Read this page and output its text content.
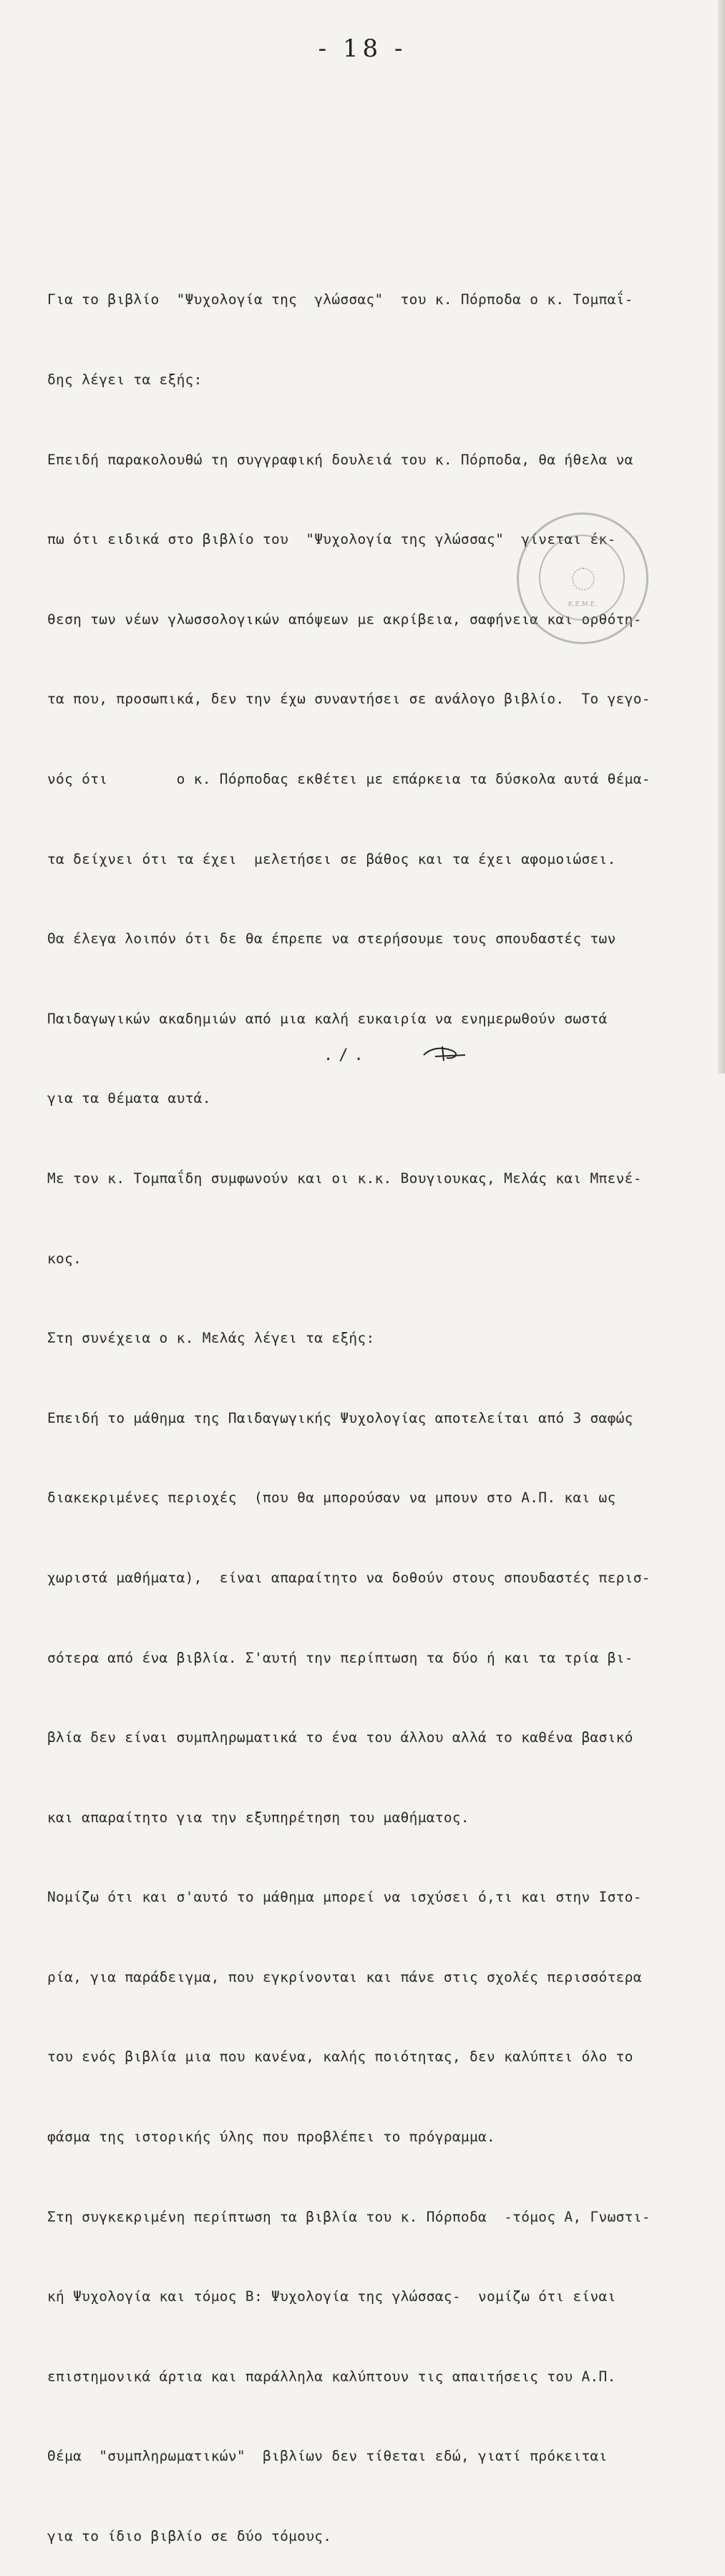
- 18 -

Για το βιβλίο  "Ψυχολογία της  γλώσσας"  του κ. Πόρποδα ο κ. Τομπαΐ-

δης λέγει τα εξής:

Επειδή παρακολουθώ τη συγγραφική δουλειά του κ. Πόρποδα, θα ήθελα να

πω ότι ειδικά στο βιβλίο του  "Ψυχολογία της γλώσσας"  γίνεται έκ-

θεση των νέων γλωσσολογικών απόψεων με ακρίβεια, σαφήνεια και ορθότη-

τα που, προσωπικά, δεν την έχω συναντήσει σε ανάλογο βιβλίο.  Το γεγο-

νός ότι        ο κ. Πόρποδας εκθέτει με επάρκεια τα δύσκολα αυτά θέμα-

τα δείχνει ότι τα έχει  μελετήσει σε βάθος και τα έχει αφομοιώσει.

Θα έλεγα λοιπόν ότι δε θα έπρεπε να στερήσουμε τους σπουδαστές των

Παιδαγωγικών ακαδημιών από μια καλή ευκαιρία να ενημερωθούν σωστά

για τα θέματα αυτά.

Με τον κ. Τομπαΐδη συμφωνούν και οι κ.κ. Βουγιουκας, Μελάς και Μπενέ-

κος.

Στη συνέχεια ο κ. Μελάς λέγει τα εξής:

Επειδή το μάθημα της Παιδαγωγικής Ψυχολογίας αποτελείται από 3 σαφώς

διακεκριμένες περιοχές  (που θα μπορούσαν να μπουν στο Α.Π. και ως

χωριστά μαθήματα),  είναι απαραίτητο να δοθούν στους σπουδαστές περισ-

σότερα από ένα βιβλία. Σ'αυτή την περίπτωση τα δύο ή και τα τρία βι-

βλία δεν είναι συμπληρωματικά το ένα του άλλου αλλά το καθένα βασικό

και απαραίτητο για την εξυπηρέτηση του μαθήματος.

Νομίζω ότι και σ'αυτό το μάθημα μπορεί να ισχύσει ό,τι και στην Ιστο-

ρία, για παράδειγμα, που εγκρίνονται και πάνε στις σχολές περισσότερα

του ενός βιβλία μια που κανένα, καλής ποιότητας, δεν καλύπτει όλο το

φάσμα της ιστορικής ύλης που προβλέπει το πρόγραμμα.

Στη συγκεκριμένη περίπτωση τα βιβλία του κ. Πόρποδα  -τόμος Α, Γνωστι-

κή Ψυχολογία και τόμος Β: Ψυχολογία της γλώσσας-  νομίζω ότι είναι

επιστημονικά άρτια και παράλληλα καλύπτουν τις απαιτήσεις του Α.Π.

Θέμα  "συμπληρωματικών"  βιβλίων δεν τίθεται εδώ, γιατί πρόκειται

για το ίδιο βιβλίο σε δύο τόμους.

Κ.Ε.Μ.Ε.
./.
